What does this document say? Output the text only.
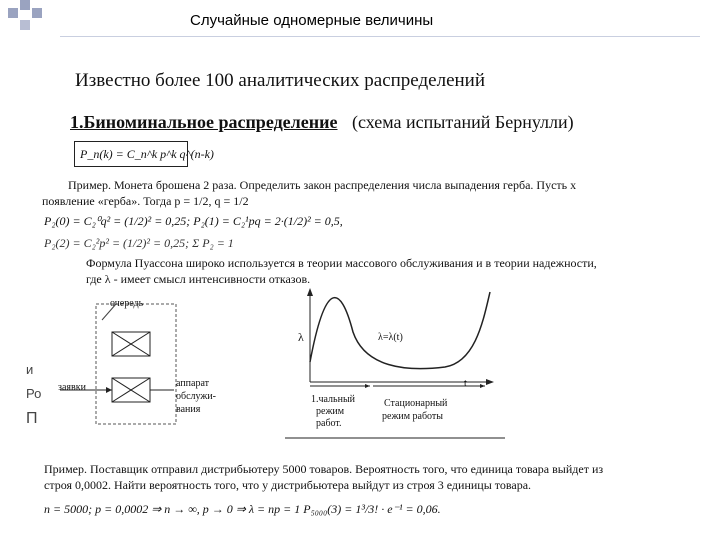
Случайные одномерные величины
Известно более 100 аналитических распределений
1.Биноминальное распределение (схема испытаний Бернулли)
P_n(k) = C_n^k p^k q^(n-k)
Пример. Монета брошена 2 раза. Определить закон распределения числа выпадения герба. Пусть x
появление «герба». Тогда p = 1/2, q = 1/2
P₂(0) = C₂⁰q² = (1/2)² = 0,25; P₂(1) = C₂¹pq = 2·(1/2)² = 0,5,
P₂(2) = C₂²p² = (1/2)² = 0,25; Σ P₂ = 1
Формула Пуассона широко используется в теории массового обслуживания и в теории надежности,
где λ - имеет смысл интенсивности отказов.
и
Ро
П
очередь
заявки	аппарат
обслужи-
вания
λ	λ=λ(t)
t
1.чальный
режим
работ.
Стационарный
режим работы
Пример. Поставщик отправил дистрибьютеру 5000 товаров. Вероятность того, что единица товара выйдет из
строя 0,0002. Найти вероятность того, что у дистрибьютера выйдут из строя 3 единицы товара.
n = 5000; p = 0,0002 ⇒ n → ∞, p → 0 ⇒ λ = np = 1 P₅₀₀₀(3) = 1³/3! · e⁻¹ = 0,06.
